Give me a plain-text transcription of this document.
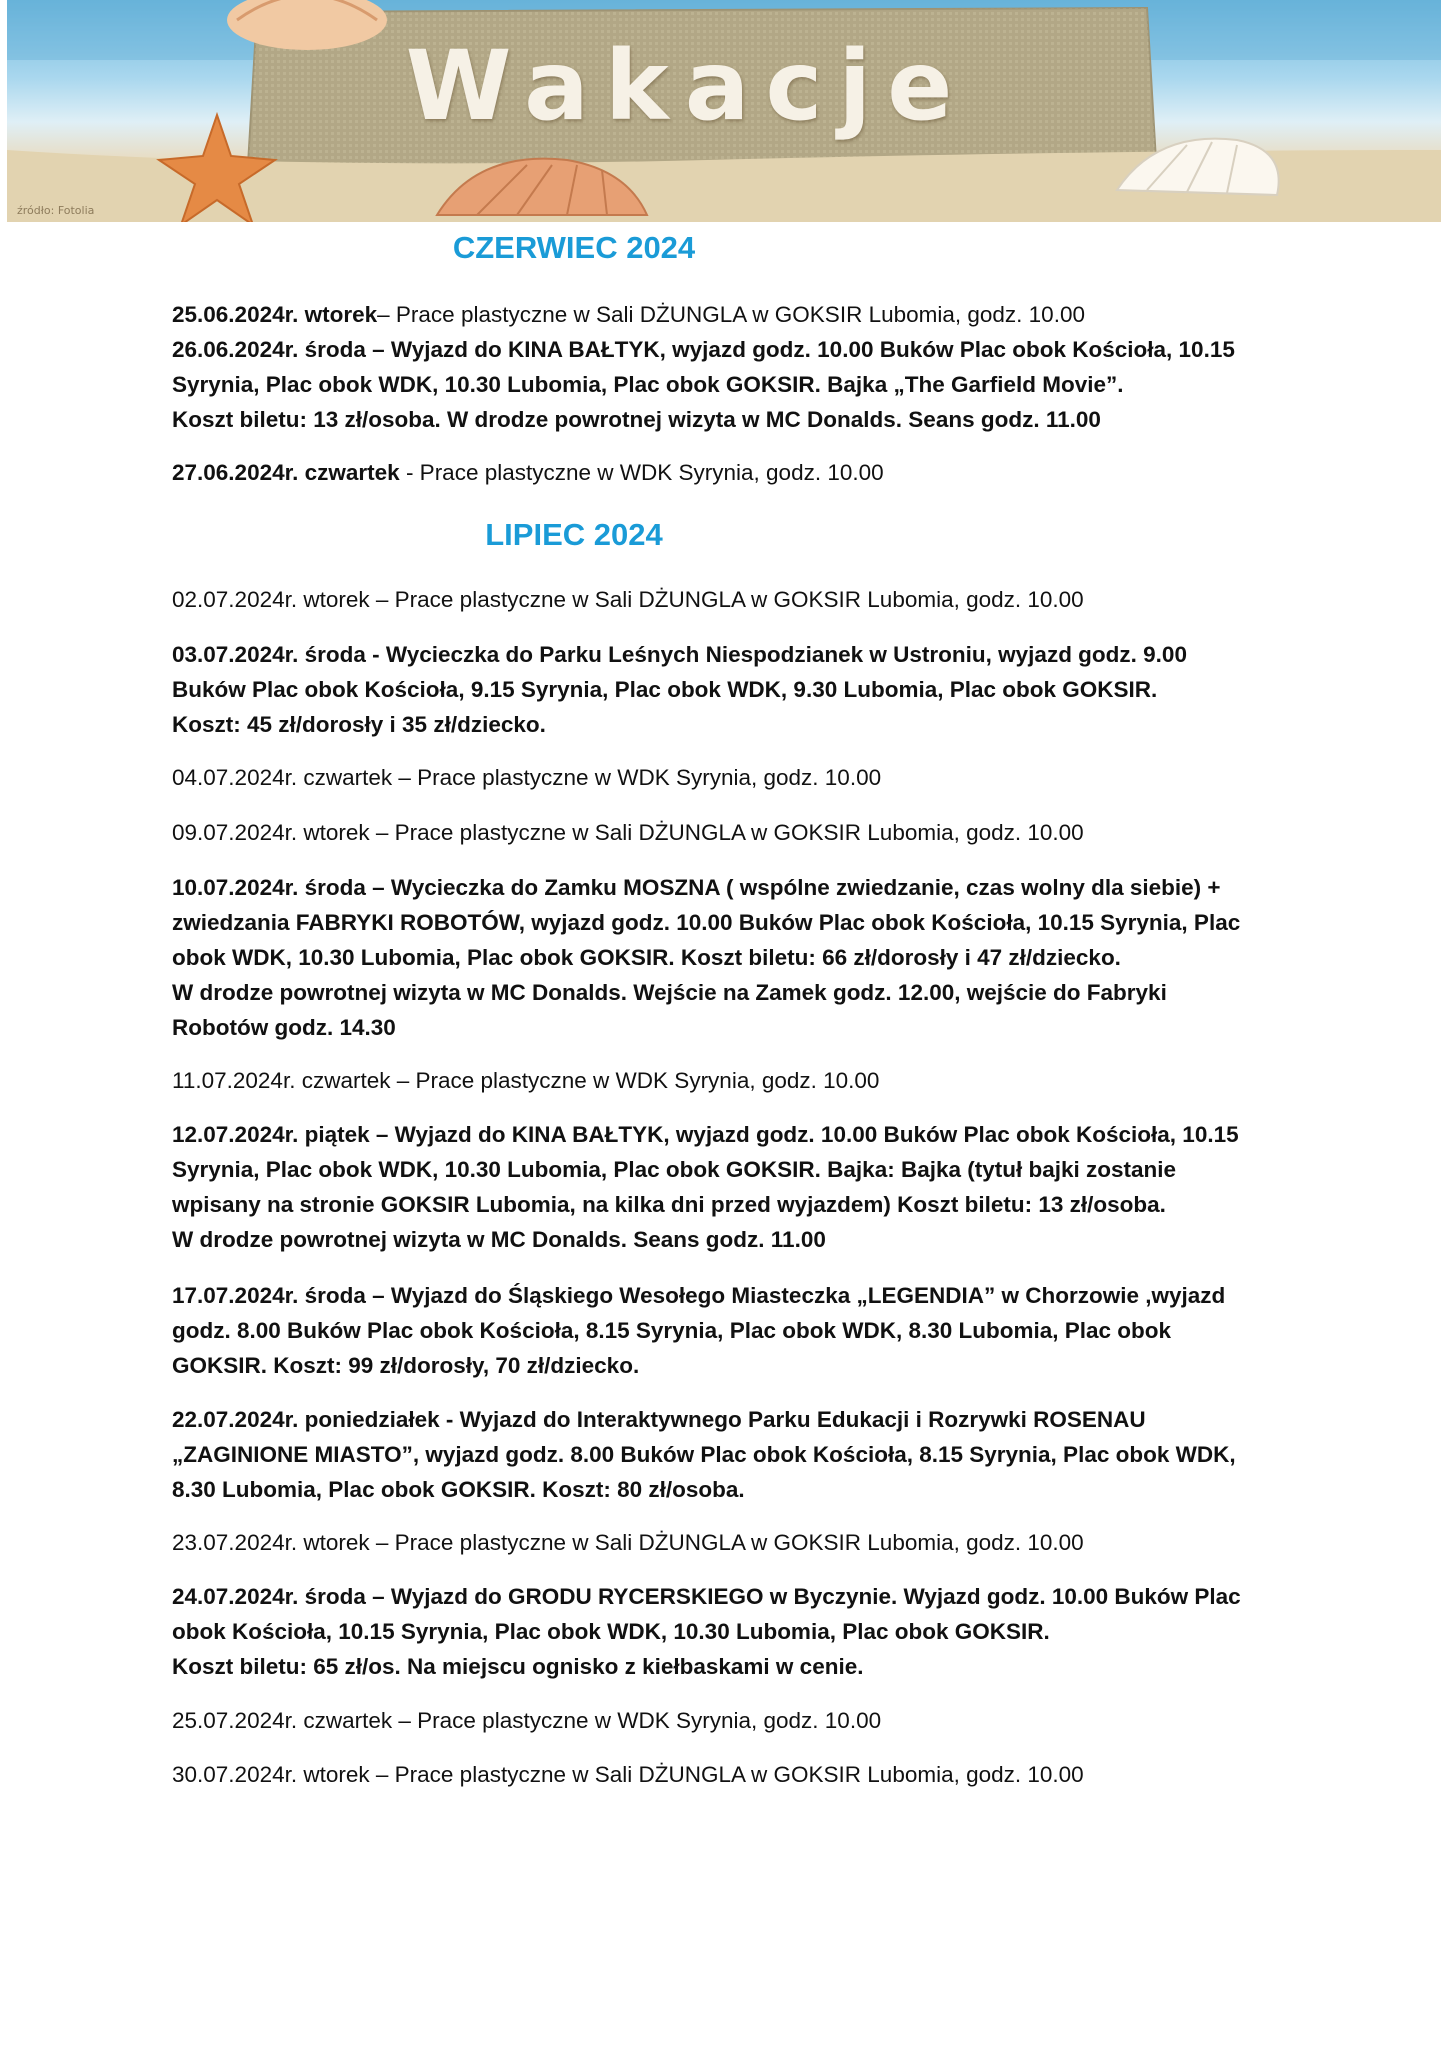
Wakacje
źródło: Fotolia
CZERWIEC 2024
25.06.2024r. wtorek– Prace plastyczne w Sali DŻUNGLA w GOKSIR Lubomia, godz. 10.00
26.06.2024r. środa – Wyjazd do KINA BAŁTYK, wyjazd godz. 10.00 Buków Plac obok Kościoła, 10.15
Syrynia, Plac obok WDK, 10.30 Lubomia, Plac obok GOKSIR. Bajka „The Garfield Movie”.
Koszt biletu: 13 zł/osoba. W drodze powrotnej wizyta w MC Donalds. Seans godz. 11.00
27.06.2024r. czwartek - Prace plastyczne w WDK Syrynia, godz. 10.00
LIPIEC 2024
02.07.2024r. wtorek – Prace plastyczne w Sali DŻUNGLA w GOKSIR Lubomia, godz. 10.00
03.07.2024r. środa - Wycieczka do Parku Leśnych Niespodzianek w Ustroniu, wyjazd godz. 9.00
Buków Plac obok Kościoła, 9.15 Syrynia, Plac obok WDK, 9.30 Lubomia, Plac obok GOKSIR.
Koszt: 45 zł/dorosły i 35 zł/dziecko.
04.07.2024r. czwartek – Prace plastyczne w WDK Syrynia, godz. 10.00
09.07.2024r. wtorek – Prace plastyczne w Sali DŻUNGLA w GOKSIR Lubomia, godz. 10.00
10.07.2024r. środa – Wycieczka do Zamku MOSZNA ( wspólne zwiedzanie, czas wolny dla siebie) +
zwiedzania FABRYKI ROBOTÓW, wyjazd godz. 10.00 Buków Plac obok Kościoła, 10.15 Syrynia, Plac
obok WDK, 10.30 Lubomia, Plac obok GOKSIR. Koszt biletu: 66 zł/dorosły i 47 zł/dziecko.
W drodze powrotnej wizyta w MC Donalds. Wejście na Zamek godz. 12.00, wejście do Fabryki
Robotów godz. 14.30
11.07.2024r. czwartek – Prace plastyczne w WDK Syrynia, godz. 10.00
12.07.2024r. piątek – Wyjazd do KINA BAŁTYK, wyjazd godz. 10.00 Buków Plac obok Kościoła, 10.15
Syrynia, Plac obok WDK, 10.30 Lubomia, Plac obok GOKSIR. Bajka: Bajka (tytuł bajki zostanie
wpisany na stronie GOKSIR Lubomia, na kilka dni przed wyjazdem) Koszt biletu: 13 zł/osoba.
W drodze powrotnej wizyta w MC Donalds. Seans godz. 11.00
17.07.2024r. środa – Wyjazd do Śląskiego Wesołego Miasteczka „LEGENDIA” w Chorzowie ,wyjazd
godz. 8.00 Buków Plac obok Kościoła, 8.15 Syrynia, Plac obok WDK, 8.30 Lubomia, Plac obok
GOKSIR. Koszt: 99 zł/dorosły, 70 zł/dziecko.
22.07.2024r. poniedziałek - Wyjazd do Interaktywnego Parku Edukacji i Rozrywki ROSENAU
„ZAGINIONE MIASTO”, wyjazd godz. 8.00 Buków Plac obok Kościoła, 8.15 Syrynia, Plac obok WDK,
8.30 Lubomia, Plac obok GOKSIR. Koszt: 80 zł/osoba.
23.07.2024r. wtorek – Prace plastyczne w Sali DŻUNGLA w GOKSIR Lubomia, godz. 10.00
24.07.2024r. środa – Wyjazd do GRODU RYCERSKIEGO w Byczynie. Wyjazd godz. 10.00 Buków Plac
obok Kościoła, 10.15 Syrynia, Plac obok WDK, 10.30 Lubomia, Plac obok GOKSIR.
Koszt biletu: 65 zł/os. Na miejscu ognisko z kiełbaskami w cenie.
25.07.2024r. czwartek – Prace plastyczne w WDK Syrynia, godz. 10.00
30.07.2024r. wtorek – Prace plastyczne w Sali DŻUNGLA w GOKSIR Lubomia, godz. 10.00
